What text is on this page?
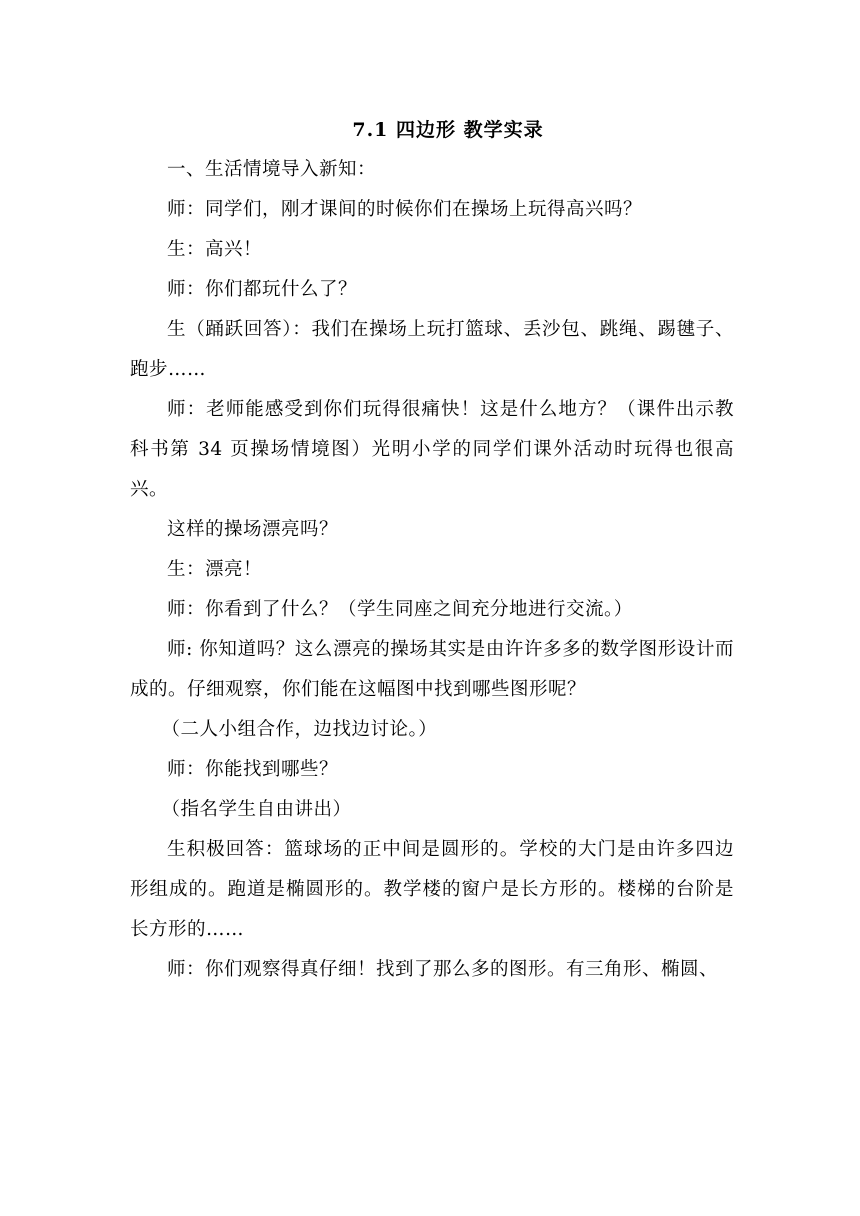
7.1 四边形 教学实录

一、生活情境导入新知：

师：同学们，刚才课间的时候你们在操场上玩得高兴吗？

生：高兴！

师：你们都玩什么了？

生（踊跃回答）：我们在操场上玩打篮球、丢沙包、跳绳、踢毽子、跑步……

师：老师能感受到你们玩得很痛快！这是什么地方？（课件出示教科书第 34 页操场情境图）光明小学的同学们课外活动时玩得也很高兴。

这样的操场漂亮吗？

生：漂亮！

师：你看到了什么？（学生同座之间充分地进行交流。）

师: 你知道吗？这么漂亮的操场其实是由许许多多的数学图形设计而成的。仔细观察，你们能在这幅图中找到哪些图形呢？

（二人小组合作，边找边讨论。）

师：你能找到哪些？

（指名学生自由讲出）

生积极回答：篮球场的正中间是圆形的。学校的大门是由许多四边形组成的。跑道是椭圆形的。教学楼的窗户是长方形的。楼梯的台阶是长方形的……

师：你们观察得真仔细！找到了那么多的图形。有三角形、椭圆、
